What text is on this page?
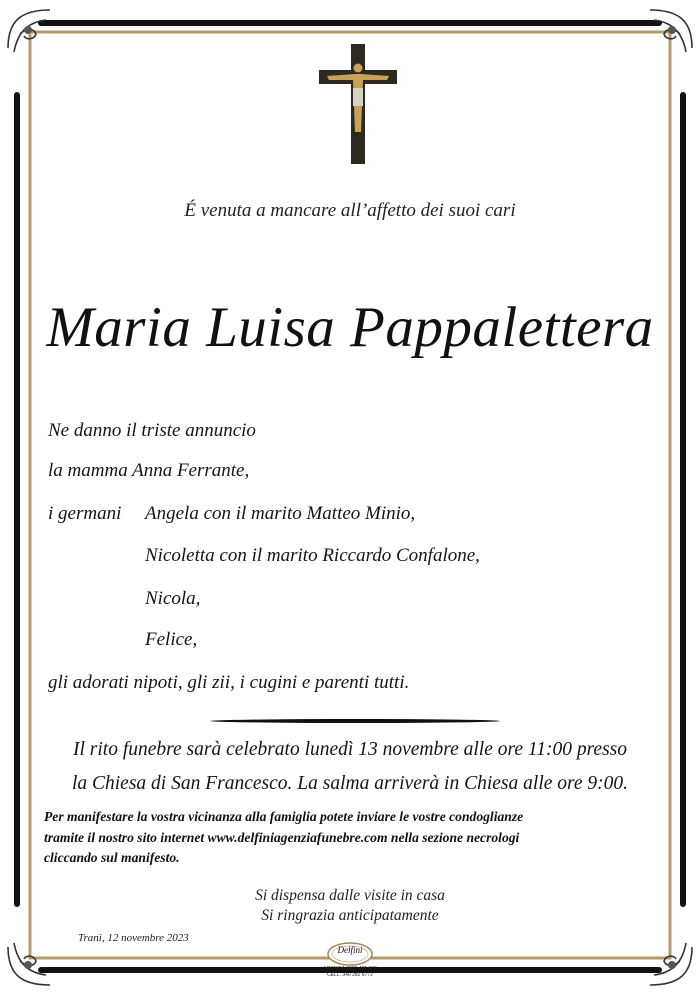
É venuta a mancare all’affetto dei suoi cari
Maria Luisa Pappalettera
Ne danno il triste annuncio
la mamma Anna Ferrante,
i germani Angela con il marito Matteo Minio,
Nicoletta con il marito Riccardo Confalone,
Nicola,
Felice,
gli adorati nipoti, gli zii, i cugini e parenti tutti.
Il rito funebre sarà celebrato lunedì 13 novembre alle ore 11:00 presso
la Chiesa di San Francesco. La salma arriverà in Chiesa alle ore 9:00.
Per manifestare la vostra vicinanza alla famiglia potete inviare le vostre condoglianze
tramite il nostro sito internet www.delfiniagenziafunebre.com nella sezione necrologi
cliccando sul manifesto.
Si dispensa dalle visite in casa
Si ringrazia anticipatamente
Trani, 12 novembre 2023
Delfini
AGENZIA 0883 481 608
CELL. 340 282 6772
